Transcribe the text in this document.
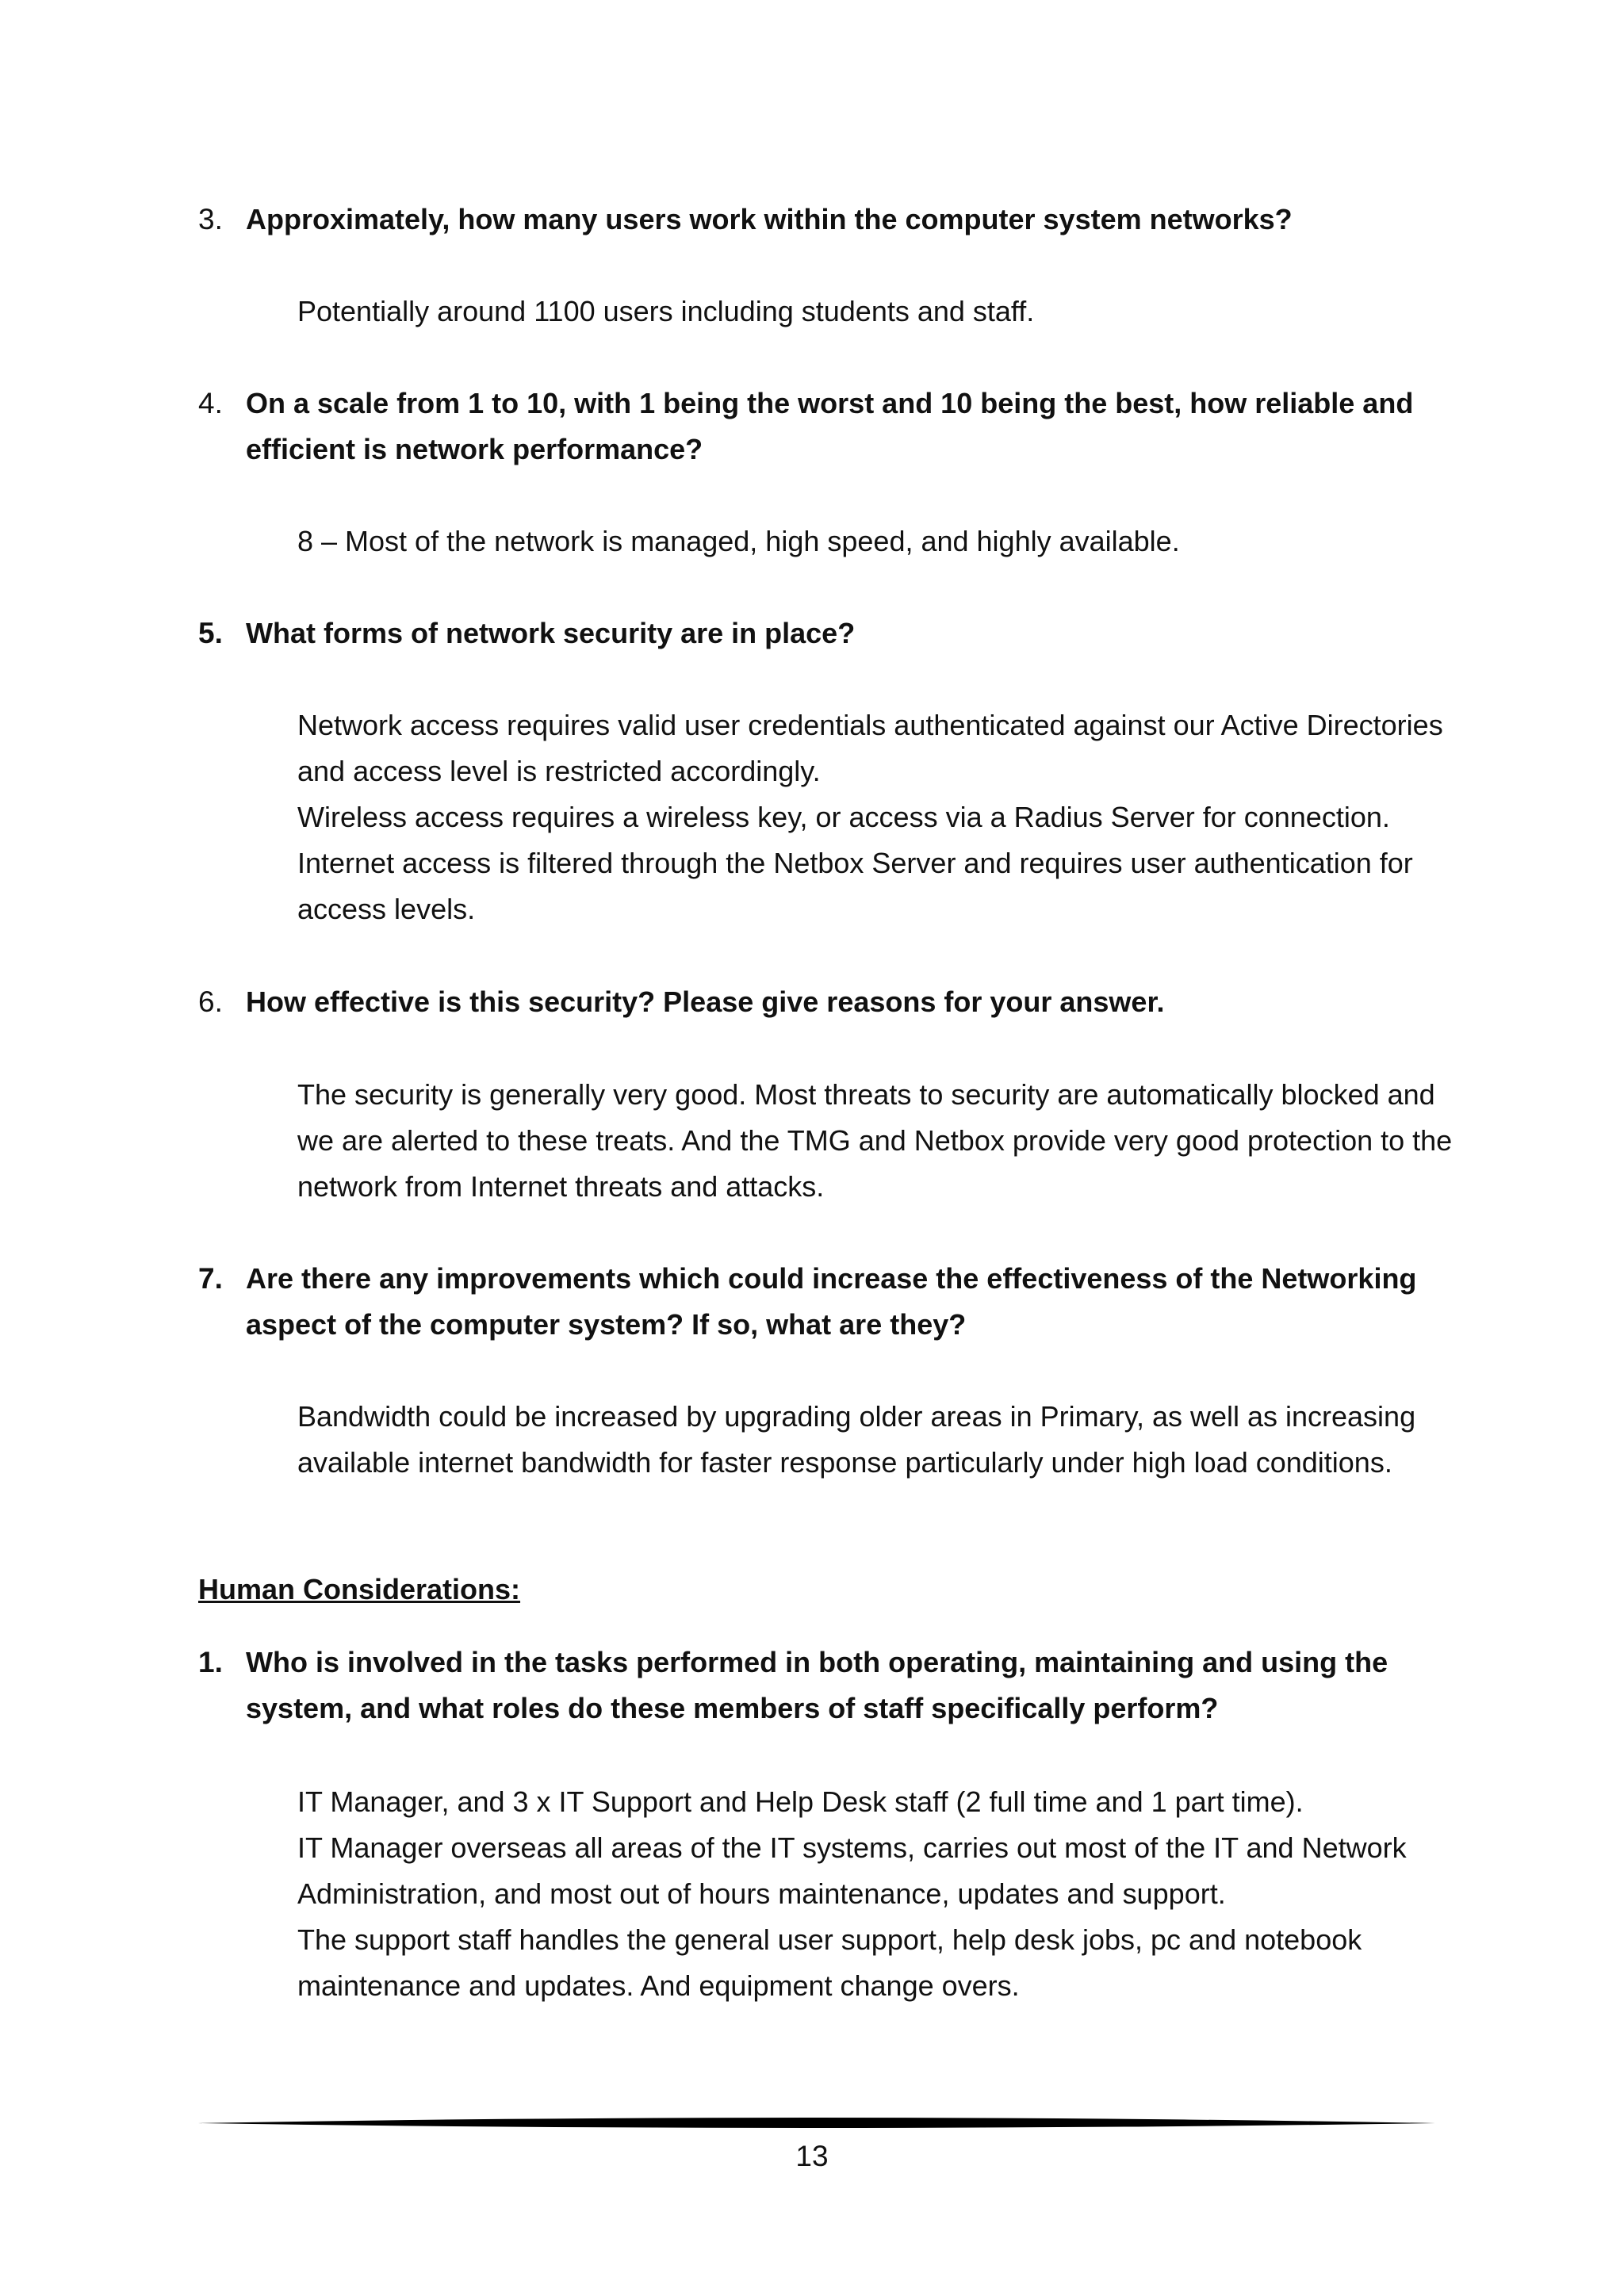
3. Approximately, how many users work within the computer system networks?

Potentially around 1100 users including students and staff.

4. On a scale from 1 to 10, with 1 being the worst and 10 being the best, how reliable and efficient is network performance?

8 – Most of the network is managed, high speed, and highly available.

5. What forms of network security are in place?

Network access requires valid user credentials authenticated against our Active Directories and access level is restricted accordingly.

Wireless access requires a wireless key, or access via a Radius Server for connection.

Internet access is filtered through the Netbox Server and requires user authentication for access levels.

6. How effective is this security? Please give reasons for your answer.

The security is generally very good. Most threats to security are automatically blocked and we are alerted to these treats. And the TMG and Netbox provide very good protection to the network from Internet threats and attacks.

7. Are there any improvements which could increase the effectiveness of the Networking aspect of the computer system? If so, what are they?

Bandwidth could be increased by upgrading older areas in Primary, as well as increasing available internet bandwidth for faster response particularly under high load conditions.

Human Considerations:
1. Who is involved in the tasks performed in both operating, maintaining and using the system, and what roles do these members of staff specifically perform?

IT Manager, and 3 x IT Support and Help Desk staff (2 full time and 1 part time).

IT Manager overseas all areas of the IT systems, carries out most of the IT and Network Administration, and most out of hours maintenance, updates and support.

The support staff handles the general user support, help desk jobs, pc and notebook maintenance and updates. And equipment change overs.

13
